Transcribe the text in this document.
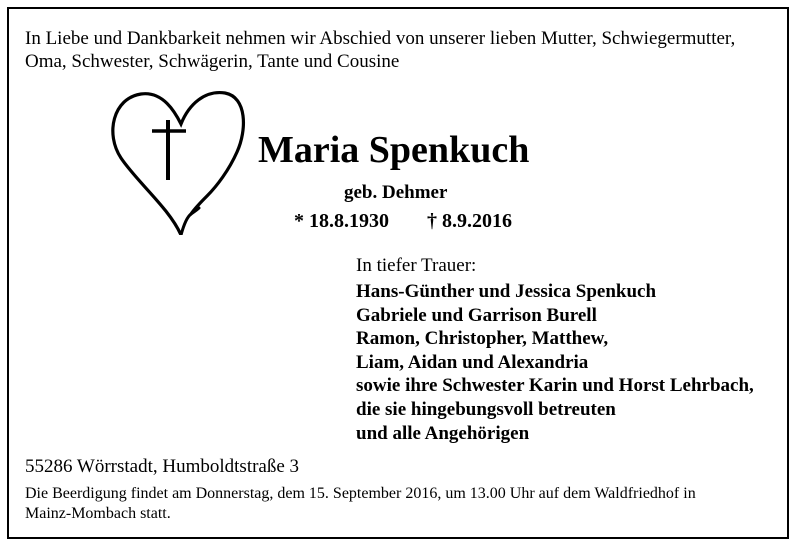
In Liebe und Dankbarkeit nehmen wir Abschied von unserer lieben Mutter, Schwiegermutter,
Oma, Schwester, Schwägerin, Tante und Cousine
Maria Spenkuch
geb. Dehmer
* 18.8.1930 † 8.9.2016
In tiefer Trauer:
Hans-Günther und Jessica Spenkuch
Gabriele und Garrison Burell
Ramon, Christopher, Matthew,
Liam, Aidan und Alexandria
sowie ihre Schwester Karin und Horst Lehrbach,
die sie hingebungsvoll betreuten
und alle Angehörigen
55286 Wörrstadt, Humboldtstraße 3
Die Beerdigung findet am Donnerstag, dem 15. September 2016, um 13.00 Uhr auf dem Waldfriedhof in
Mainz-Mombach statt.
